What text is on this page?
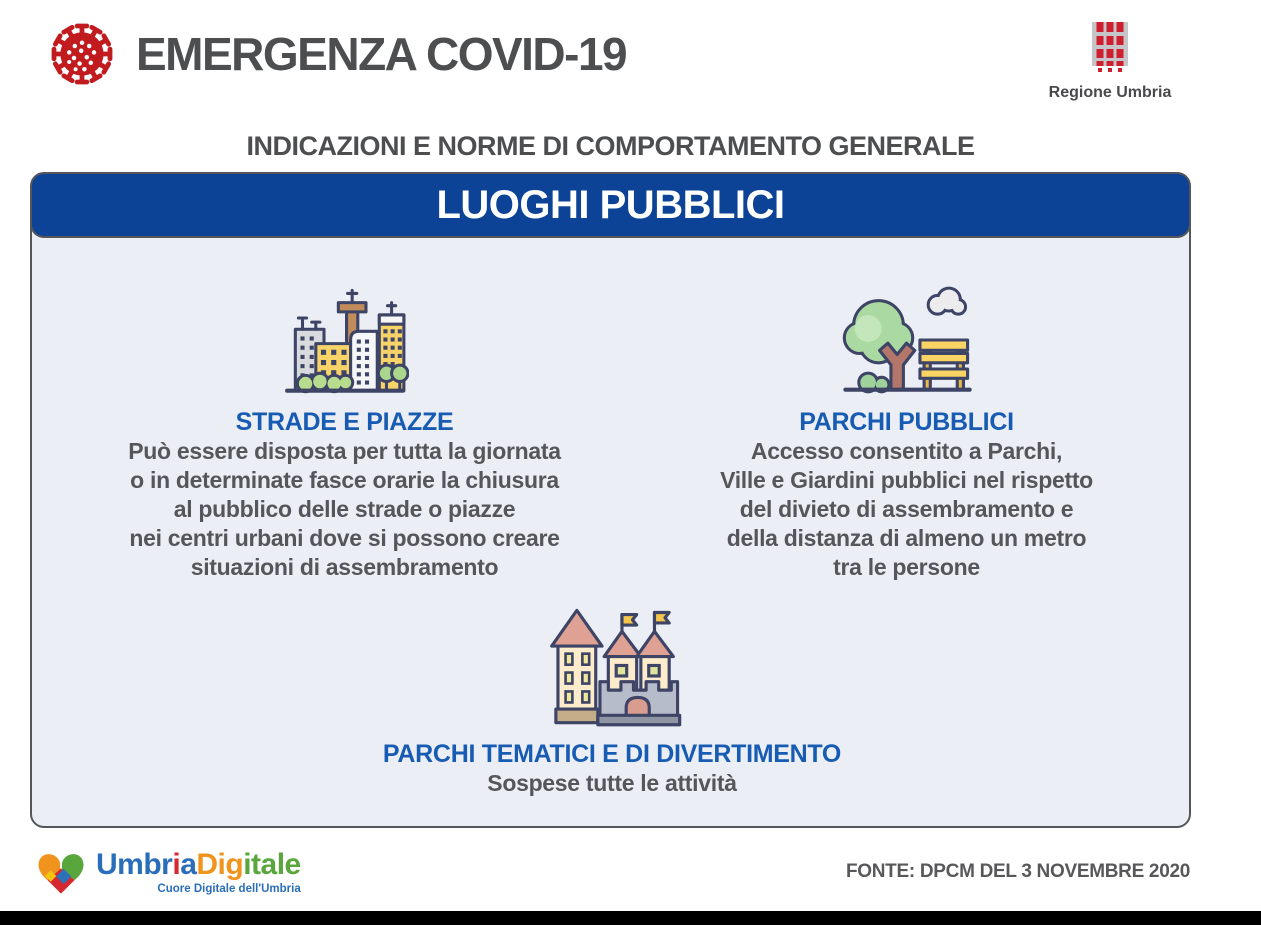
EMERGENZA COVID-19
Regione Umbria
INDICAZIONI E NORME DI COMPORTAMENTO GENERALE
LUOGHI PUBBLICI
STRADE E PIAZZE
Può essere disposta per tutta la giornata
o in determinate fasce orarie la chiusura
al pubblico delle strade o piazze
nei centri urbani dove si possono creare
situazioni di assembramento
PARCHI PUBBLICI
Accesso consentito a Parchi,
Ville e Giardini pubblici nel rispetto
del divieto di assembramento e
della distanza di almeno un metro
tra le persone
PARCHI TEMATICI E DI DIVERTIMENTO
Sospese tutte le attività
UmbriaDigitale
Cuore Digitale dell'Umbria
FONTE: DPCM DEL 3 NOVEMBRE 2020
